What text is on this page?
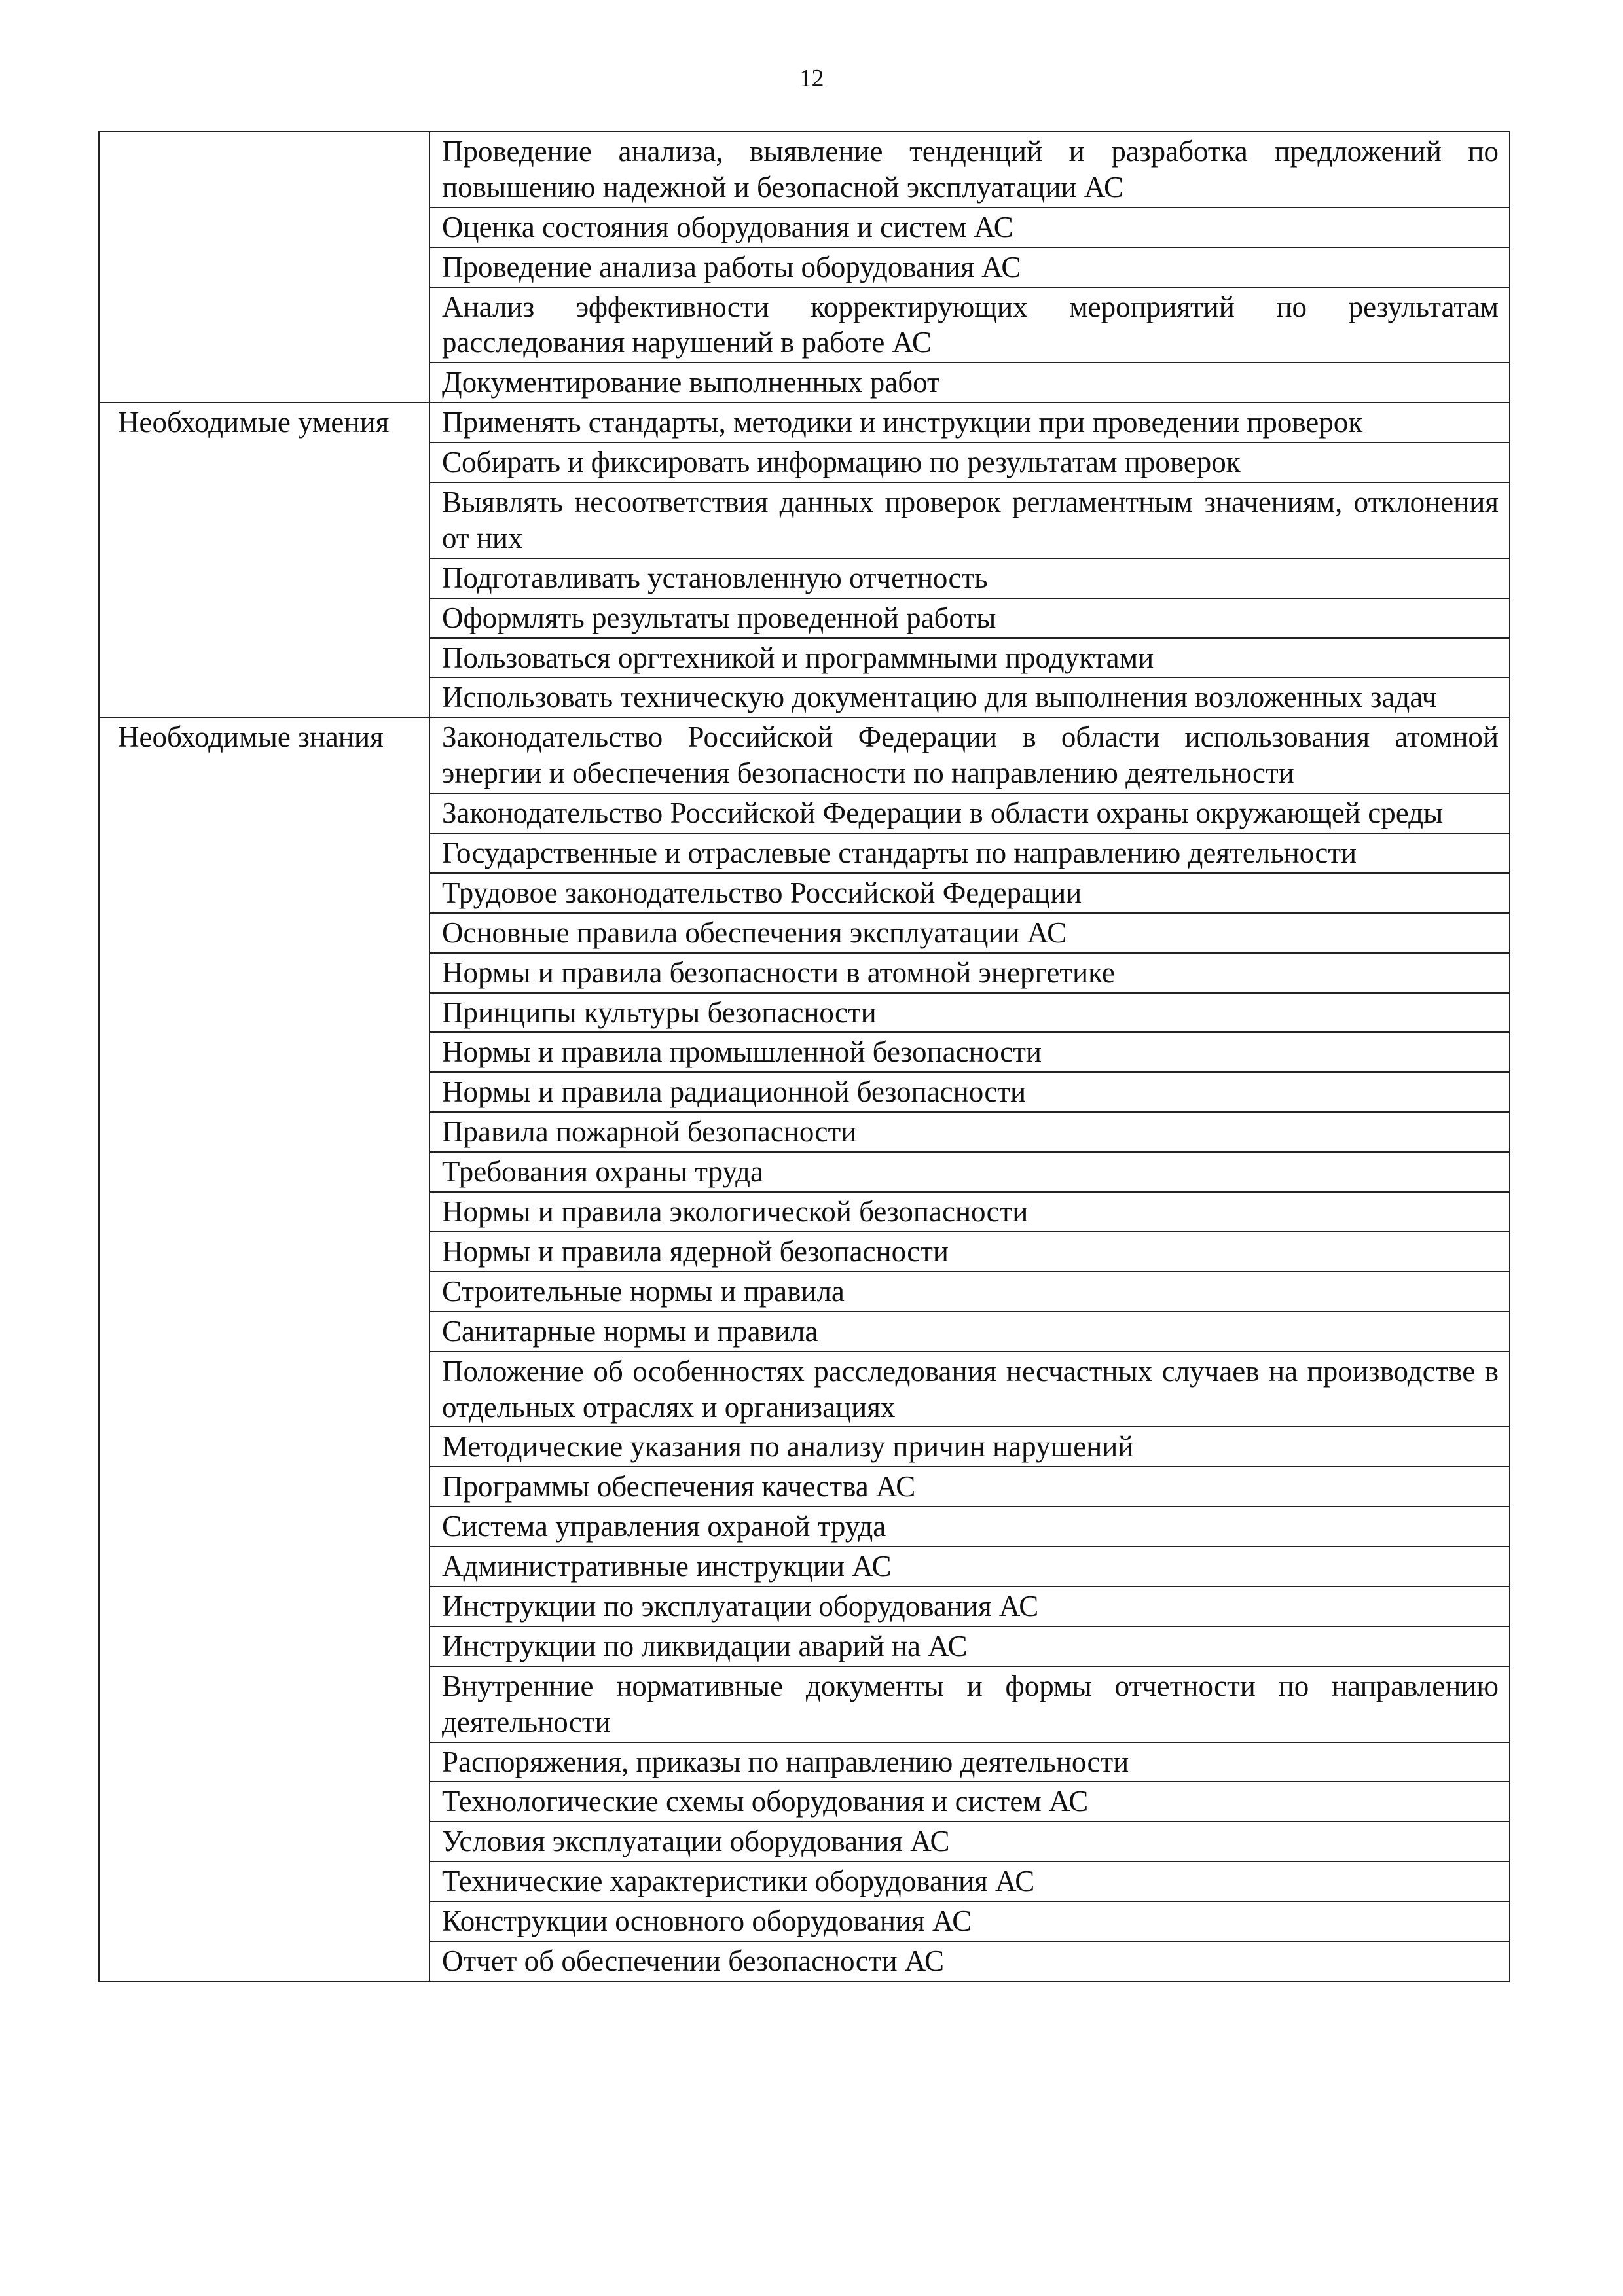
12
	Проведение анализа, выявление тенденций и разработка предложений по повышению надежной и безопасной эксплуатации АС
	Оценка состояния оборудования и систем АС
	Проведение анализа работы оборудования АС
	Анализ эффективности корректирующих мероприятий по результатам расследования нарушений в работе АС
	Документирование выполненных работ
Необходимые умения	Применять стандарты, методики и инструкции при проведении проверок
	Собирать и фиксировать информацию по результатам проверок
	Выявлять несоответствия данных проверок регламентным значениям, отклонения от них
	Подготавливать установленную отчетность
	Оформлять результаты проведенной работы
	Пользоваться оргтехникой и программными продуктами
	Использовать техническую документацию для выполнения возложенных задач
Необходимые знания	Законодательство Российской Федерации в области использования атомной энергии и обеспечения безопасности по направлению деятельности
	Законодательство Российской Федерации в области охраны окружающей среды
	Государственные и отраслевые стандарты по направлению деятельности
	Трудовое законодательство Российской Федерации
	Основные правила обеспечения эксплуатации АС
	Нормы и правила безопасности в атомной энергетике
	Принципы культуры безопасности
	Нормы и правила промышленной безопасности
	Нормы и правила радиационной безопасности
	Правила пожарной безопасности
	Требования охраны труда
	Нормы и правила экологической безопасности
	Нормы и правила ядерной безопасности
	Строительные нормы и правила
	Санитарные нормы и правила
	Положение об особенностях расследования несчастных случаев на производстве в отдельных отраслях и организациях
	Методические указания по анализу причин нарушений
	Программы обеспечения качества АС
	Система управления охраной труда
	Административные инструкции АС
	Инструкции по эксплуатации оборудования АС
	Инструкции по ликвидации аварий на АС
	Внутренние нормативные документы и формы отчетности по направлению деятельности
	Распоряжения, приказы по направлению деятельности
	Технологические схемы оборудования и систем АС
	Условия эксплуатации оборудования АС
	Технические характеристики оборудования АС
	Конструкции основного оборудования АС
	Отчет об обеспечении безопасности АС
